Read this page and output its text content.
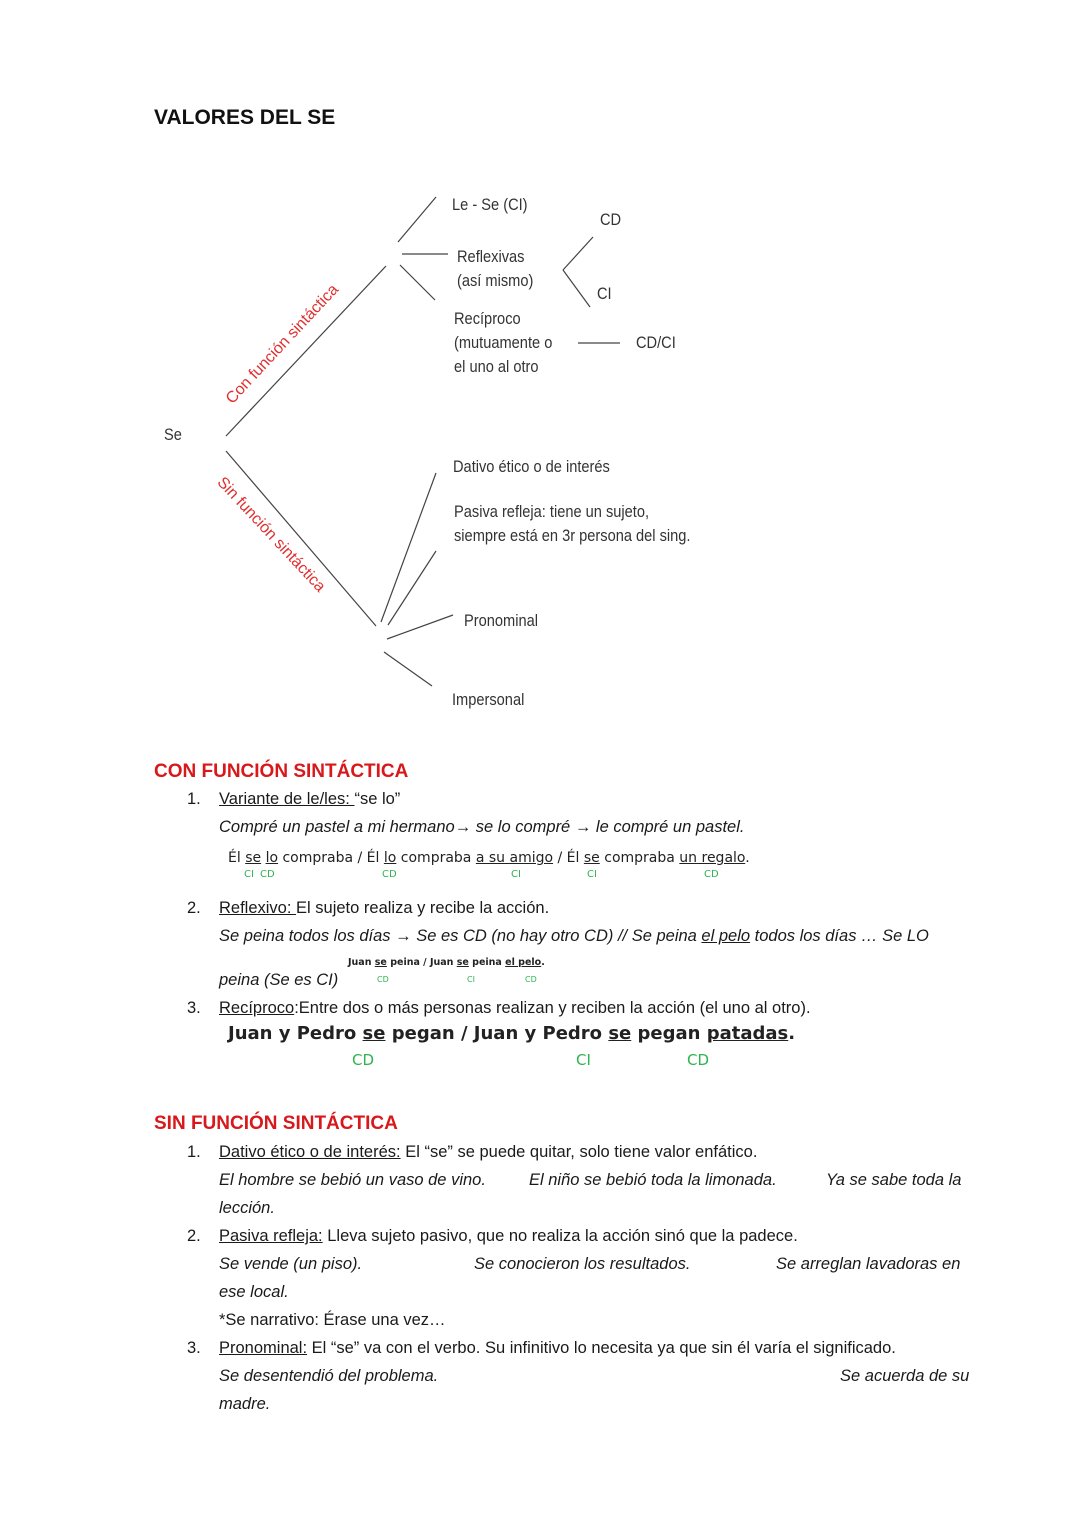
VALORES DEL SE
Se
Con función sintáctica
Sin función sintáctica
Le - Se (CI)
CD
Reflexivas
(así mismo)
CI
Recíproco
(mutuamente o
el uno al otro
CD/CI
Dativo ético o de interés
Pasiva refleja: tiene un sujeto,
siempre está en 3r persona del sing.
Pronominal
Impersonal
CON FUNCIÓN SINTÁCTICA
1. Variante de le/les: “se lo”
Compré un pastel a mi hermano→ se lo compré → le compré un pastel.
Él se lo compraba / Él lo compraba a su amigo / Él se compraba un regalo.
CI CD	CD	CI	CI	CD
2. Reflexivo: El sujeto realiza y recibe la acción.
Se peina todos los días → Se es CD (no hay otro CD) // Se peina el pelo todos los días … Se LO
Juan se peina / Juan se peina el pelo.
peina (Se es CI)	CD	CI	CD
3. Recíproco:Entre dos o más personas realizan y reciben la acción (el uno al otro).
Juan y Pedro se pegan / Juan y Pedro se pegan patadas.
CD	CI	CD
SIN FUNCIÓN SINTÁCTICA
1. Dativo ético o de interés: El “se” se puede quitar, solo tiene valor enfático.
El hombre se bebió un vaso de vino.	El niño se bebió toda la limonada.	Ya se sabe toda la
lección.
2. Pasiva refleja: Lleva sujeto pasivo, que no realiza la acción sinó que la padece.
Se vende (un piso).	Se conocieron los resultados.	Se arreglan lavadoras en
ese local.
*Se narrativo: Érase una vez…
3. Pronominal: El “se” va con el verbo. Su infinitivo lo necesita ya que sin él varía el significado.
Se desentendió del problema.	Se acuerda de su
madre.
